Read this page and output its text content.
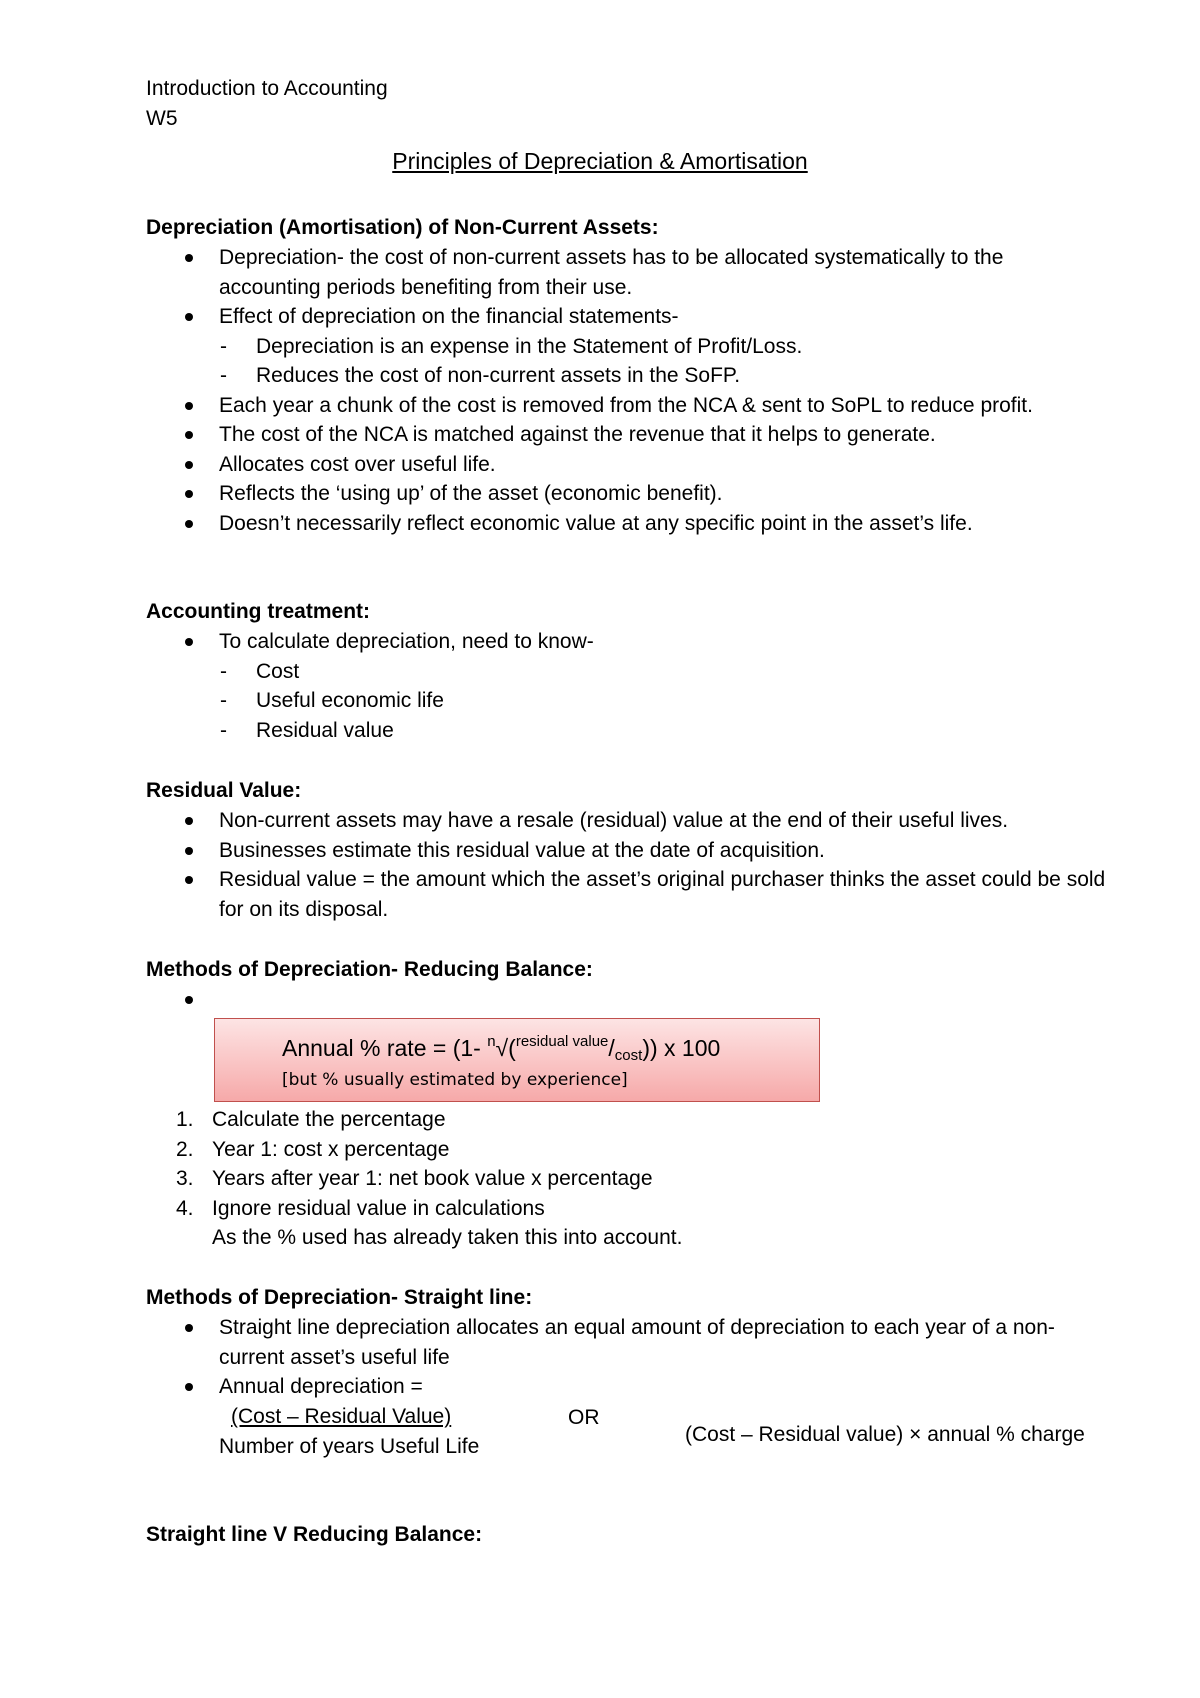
Introduction to Accounting
W5
Principles of Depreciation & Amortisation
Depreciation (Amortisation) of Non-Current Assets:
Depreciation- the cost of non-current assets has to be allocated systematically to the accounting periods benefiting from their use.
Effect of depreciation on the financial statements-
- Depreciation is an expense in the Statement of Profit/Loss.
- Reduces the cost of non-current assets in the SoFP.
Each year a chunk of the cost is removed from the NCA & sent to SoPL to reduce profit.
The cost of the NCA is matched against the revenue that it helps to generate.
Allocates cost over useful life.
Reflects the ‘using up’ of the asset (economic benefit).
Doesn’t necessarily reflect economic value at any specific point in the asset’s life.
Accounting treatment:
To calculate depreciation, need to know-
- Cost
- Useful economic life
- Residual value
Residual Value:
Non-current assets may have a resale (residual) value at the end of their useful lives.
Businesses estimate this residual value at the date of acquisition.
Residual value = the amount which the asset’s original purchaser thinks the asset could be sold for on its disposal.
Methods of Depreciation- Reducing Balance:
Annual % rate = (1- $^n√(^{residual value}/_{cost})$) x 100
[but % usually estimated by experience]
1. Calculate the percentage
2. Year 1: cost x percentage
3. Years after year 1: net book value x percentage
4. Ignore residual value in calculations
As the % used has already taken this into account.
Methods of Depreciation- Straight line:
Straight line depreciation allocates an equal amount of depreciation to each year of a non-current asset’s useful life
Annual depreciation =
(Cost – Residual Value)
Number of years Useful Life
OR
(Cost – Residual value) × annual % charge
Straight line V Reducing Balance:
